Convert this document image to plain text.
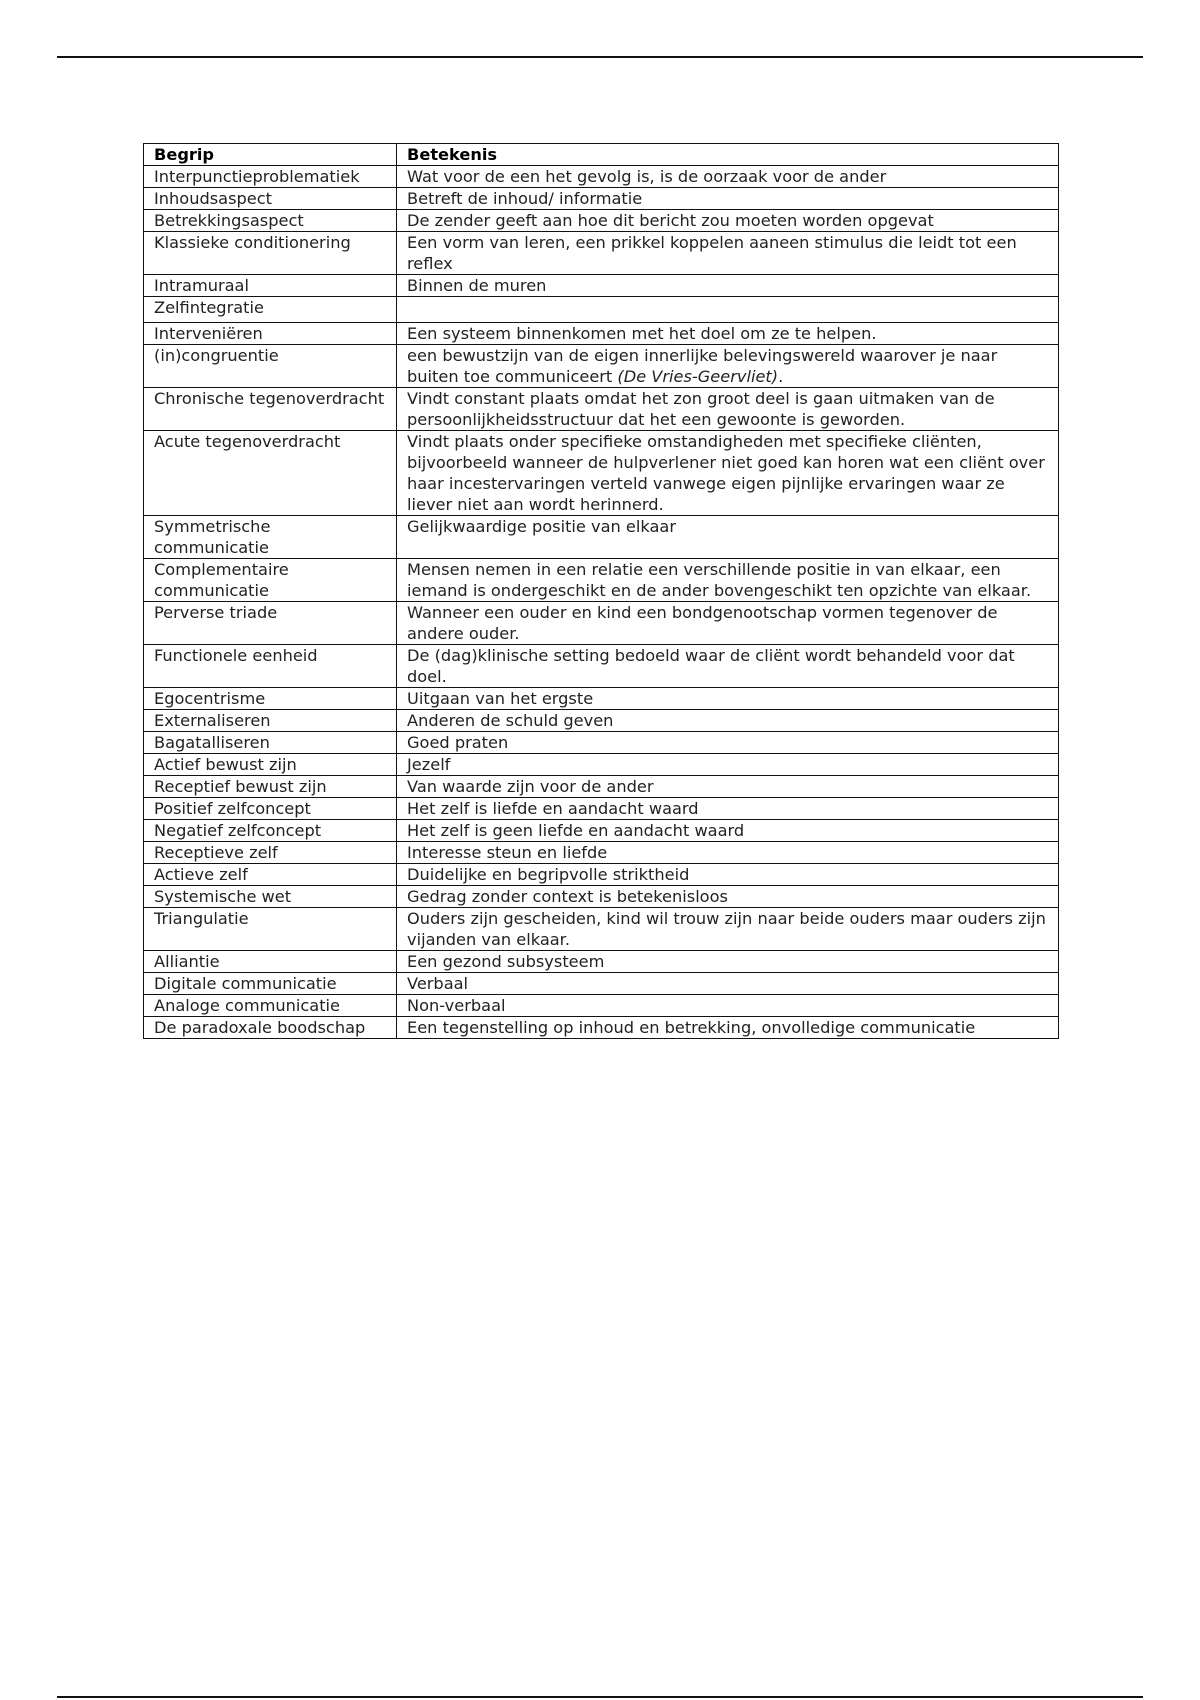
Begrip	Betekenis
Interpunctieproblematiek	Wat voor de een het gevolg is, is de oorzaak voor de ander
Inhoudsaspect	Betreft de inhoud/ informatie
Betrekkingsaspect	De zender geeft aan hoe dit bericht zou moeten worden opgevat
Klassieke conditionering	Een vorm van leren, een prikkel koppelen aaneen stimulus die leidt tot een reflex
Intramuraal	Binnen de muren
Zelfintegratie	
Interveniëren	Een systeem binnenkomen met het doel om ze te helpen.
(in)congruentie	een bewustzijn van de eigen innerlijke belevingswereld waarover je naar buiten toe communiceert (De Vries-Geervliet).
Chronische tegenoverdracht	Vindt constant plaats omdat het zon groot deel is gaan uitmaken van de persoonlijkheidsstructuur dat het een gewoonte is geworden.
Acute tegenoverdracht	Vindt plaats onder specifieke omstandigheden met specifieke cliënten, bijvoorbeeld wanneer de hulpverlener niet goed kan horen wat een cliënt over haar incestervaringen verteld vanwege eigen pijnlijke ervaringen waar ze liever niet aan wordt herinnerd.
Symmetrische communicatie	Gelijkwaardige positie van elkaar
Complementaire communicatie	Mensen nemen in een relatie een verschillende positie in van elkaar, een iemand is ondergeschikt en de ander bovengeschikt ten opzichte van elkaar.
Perverse triade	Wanneer een ouder en kind een bondgenootschap vormen tegenover de andere ouder.
Functionele eenheid	De (dag)klinische setting bedoeld waar de cliënt wordt behandeld voor dat doel.
Egocentrisme	Uitgaan van het ergste
Externaliseren	Anderen de schuld geven
Bagatalliseren	Goed praten
Actief bewust zijn	Jezelf
Receptief bewust zijn	Van waarde zijn voor de ander
Positief zelfconcept	Het zelf is liefde en aandacht waard
Negatief zelfconcept	Het zelf is geen liefde en aandacht waard
Receptieve zelf	Interesse steun en liefde
Actieve zelf	Duidelijke en begripvolle striktheid
Systemische wet	Gedrag zonder context is betekenisloos
Triangulatie	Ouders zijn gescheiden, kind wil trouw zijn naar beide ouders maar ouders zijn vijanden van elkaar.
Alliantie	Een gezond subsysteem
Digitale communicatie	Verbaal
Analoge communicatie	Non-verbaal
De paradoxale boodschap	Een tegenstelling op inhoud en betrekking, onvolledige communicatie
